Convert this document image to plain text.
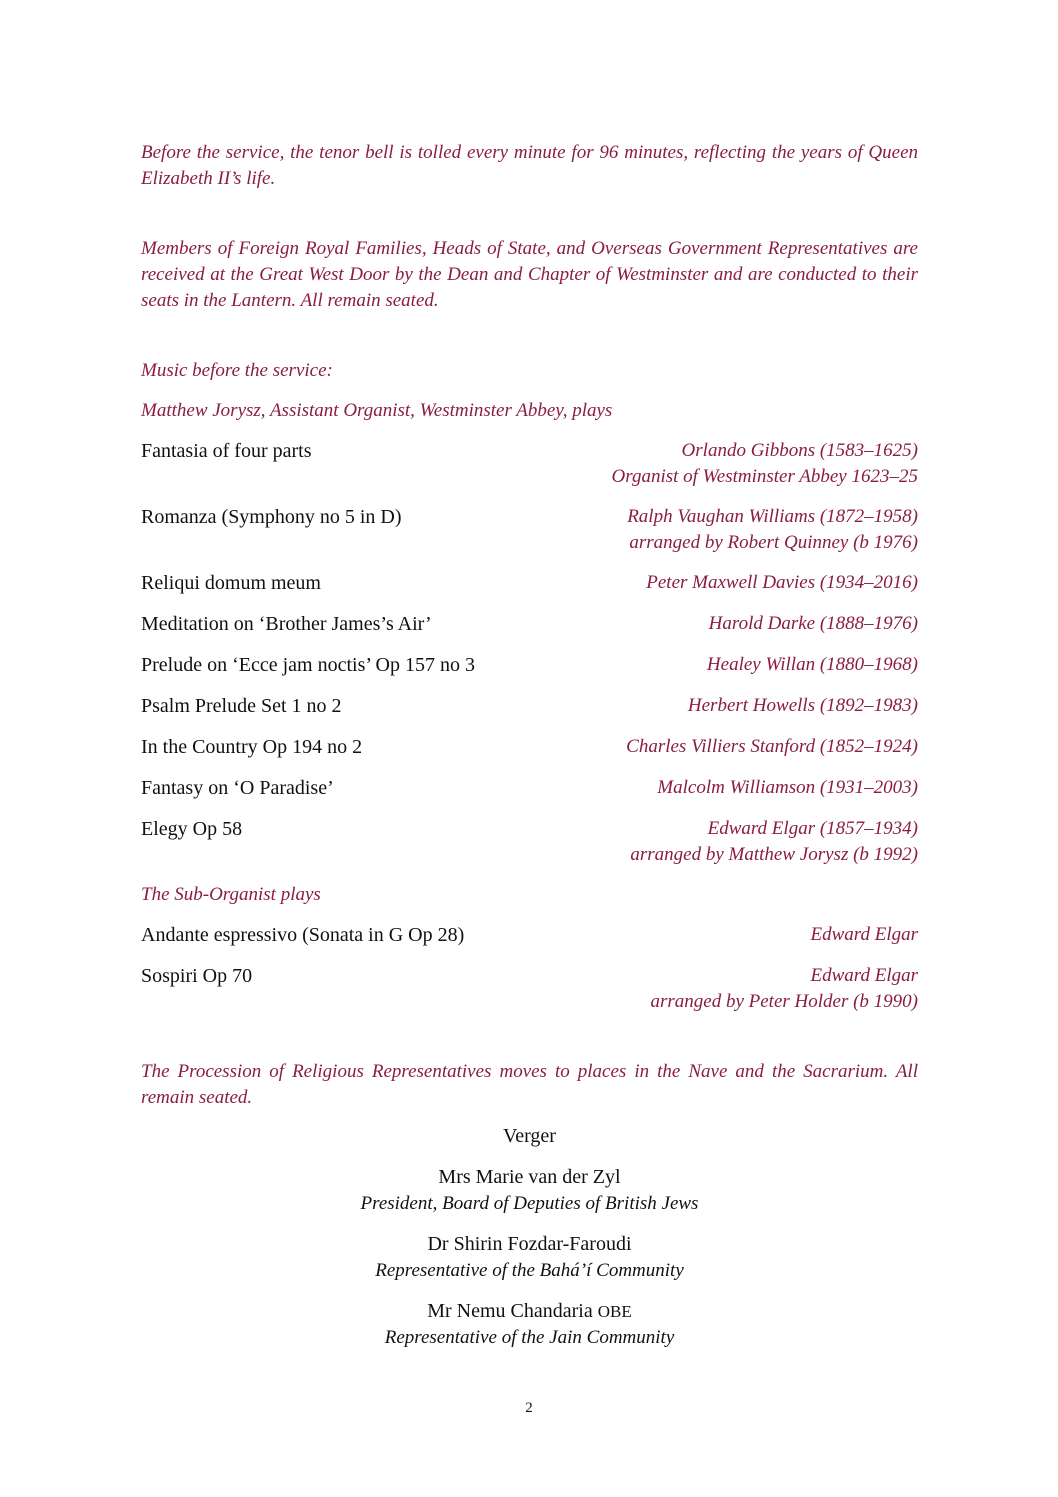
Before the service, the tenor bell is tolled every minute for 96 minutes, reflecting the years of Queen Elizabeth II’s life.

Members of Foreign Royal Families, Heads of State, and Overseas Government Representatives are received at the Great West Door by the Dean and Chapter of Westminster and are conducted to their seats in the Lantern. All remain seated.

Music before the service:

Matthew Jorysz, Assistant Organist, Westminster Abbey, plays

Fantasia of four parts	Orlando Gibbons (1583–1625)
Organist of Westminster Abbey 1623–25
Romanza (Symphony no 5 in D)	Ralph Vaughan Williams (1872–1958)
arranged by Robert Quinney (b 1976)
Reliqui domum meum	Peter Maxwell Davies (1934–2016)
Meditation on ‘Brother James’s Air’	Harold Darke (1888–1976)
Prelude on ‘Ecce jam noctis’ Op 157 no 3	Healey Willan (1880–1968)
Psalm Prelude Set 1 no 2	Herbert Howells (1892–1983)
In the Country Op 194 no 2	Charles Villiers Stanford (1852–1924)
Fantasy on ‘O Paradise’	Malcolm Williamson (1931–2003)
Elegy Op 58	Edward Elgar (1857–1934)
arranged by Matthew Jorysz (b 1992)

The Sub-Organist plays

Andante espressivo (Sonata in G Op 28)	Edward Elgar
Sospiri Op 70	Edward Elgar
arranged by Peter Holder (b 1990)

The Procession of Religious Representatives moves to places in the Nave and the Sacrarium. All remain seated.

Verger
Mrs Marie van der Zyl
President, Board of Deputies of British Jews
Dr Shirin Fozdar-Faroudi
Representative of the Bahá’í Community
Mr Nemu Chandaria OBE
Representative of the Jain Community
2
